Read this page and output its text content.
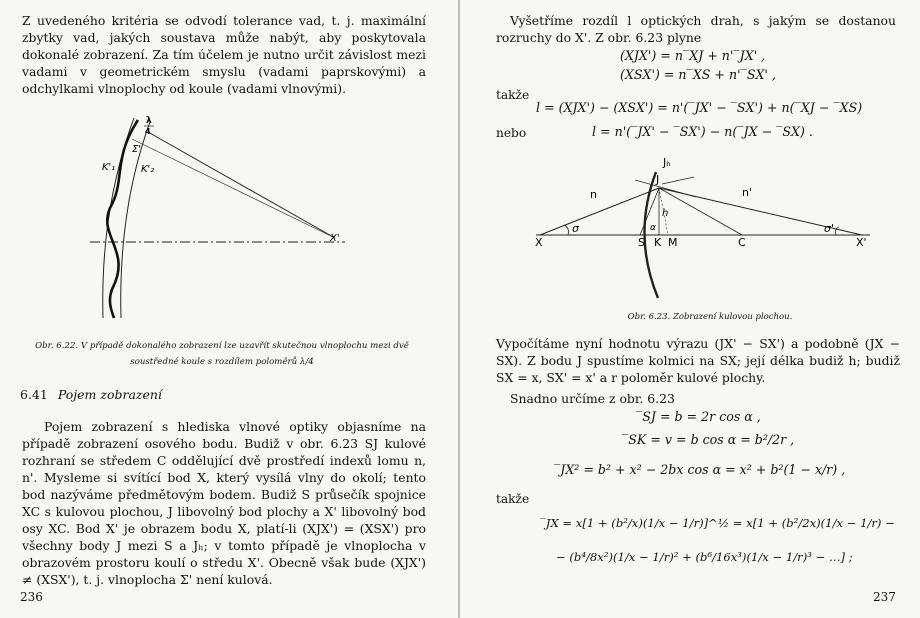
Z uvedeného kritéria se odvodí tolerance vad, t. j. maximální zbytky vad, jakých soustava může nabýt, aby poskytovala dokonalé zobrazení. Za tím účelem je nutno určit závislost mezi vadami v geometrickém smyslu (vadami paprskovými) a odchylkami vlnoplochy od koule (vadami vlnovými).
λ
4
Σ'
K'₁	K'₂
X'
Obr. 6.22. V případě dokonalého zobrazení lze uzavřít skutečnou vlnoplochu mezi dvě
soustředné koule s rozdílem poloměrů λ/4
6.41 Pojem zobrazení
Pojem zobrazení s hlediska vlnové optiky objasníme na případě zobrazení osového bodu. Budiž v obr. 6.23 SJ kulové rozhraní se středem C oddělující dvě prostředí indexů lomu n, n'. Mysleme si svítící bod X, který vysílá vlny do okolí; tento bod nazýváme předmětovým bodem. Budiž S průsečík spojnice XC s kulovou plochou, J libovolný bod plochy a X' libovolný bod osy XC. Bod X' je obrazem bodu X, platí-li (XJX') = (XSX') pro všechny body J mezi S a Jₕ; v tomto případě je vlnoplocha v obrazovém prostoru koulí o středu X'. Obecně však bude (XJX') ≠ (XSX'), t. j. vlnoplocha Σ' není kulová.
236
Vyšetříme rozdíl l optických drah, s jakým se dostanou rozruchy do X'. Z obr. 6.23 plyne
(XJX') = n‾XJ + n'‾JX' ,
(XSX') = n‾XS + n'‾SX' ,
takže
l = (XJX') − (XSX') = n'(‾JX' − ‾SX') + n(‾XJ − ‾XS)
nebo	l = n'(‾JX' − ‾SX') − n(‾JX − ‾SX) .
Jₕ
J
n	n'
X	S K M	C	X'
σ	σ'
h
α
Obr. 6.23. Zobrazení kulovou plochou.
Vypočítáme nyní hodnotu výrazu (JX' − SX') a podobně (JX − SX). Z bodu J spustíme kolmici na SX; její délka budiž h; budiž SX = x, SX' = x' a r poloměr kulové plochy.
Snadno určíme z obr. 6.23
‾SJ = b = 2r cos α ,
‾SK = v = b cos α = b²/2r ,
‾JX² = b² + x² − 2bx cos α = x² + b²(1 − x/r) ,
takže
‾JX = x[1 + (b²/x)(1/x − 1/r)]^½ = x[1 + (b²/2x)(1/x − 1/r) −
− (b⁴/8x²)(1/x − 1/r)² + (b⁶/16x³)(1/x − 1/r)³ − …] ;
237
